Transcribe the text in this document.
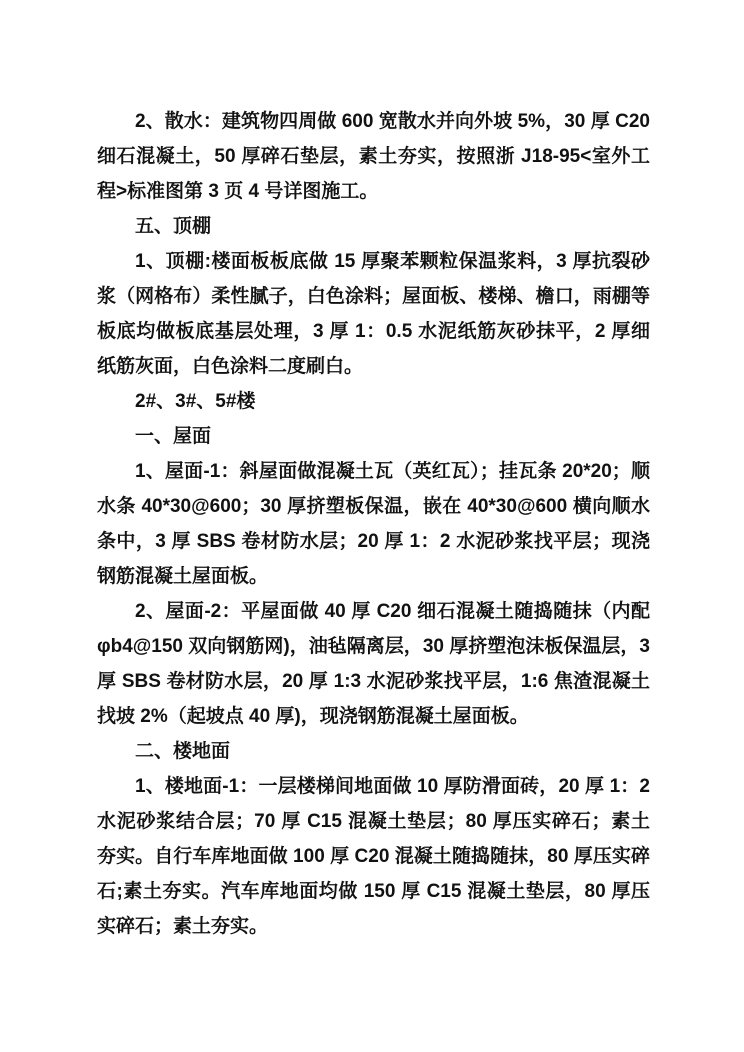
2、散水：建筑物四周做 600 宽散水并向外坡 5%，30 厚 C20 细石混凝土，50 厚碎石垫层，素土夯实，按照浙 J18-95<室外工程>标准图第 3 页 4 号详图施工。

五、顶棚

1、顶棚:楼面板板底做 15 厚聚苯颗粒保温浆料，3 厚抗裂砂浆（网格布）柔性腻子，白色涂料；屋面板、楼梯、檐口，雨棚等板底均做板底基层处理，3 厚 1：0.5 水泥纸筋灰砂抹平，2 厚细纸筋灰面，白色涂料二度刷白。

2#、3#、5#楼

一、屋面

1、屋面-1：斜屋面做混凝土瓦（英红瓦）；挂瓦条 20*20；顺水条 40*30@600；30 厚挤塑板保温，嵌在 40*30@600 横向顺水条中，3 厚 SBS 卷材防水层；20 厚 1：2 水泥砂浆找平层；现浇钢筋混凝土屋面板。

2、屋面-2：平屋面做 40 厚 C20 细石混凝土随捣随抹（内配φb4@150 双向钢筋网)，油毡隔离层，30 厚挤塑泡沫板保温层，3 厚 SBS 卷材防水层，20 厚 1:3 水泥砂浆找平层，1:6 焦渣混凝土找坡 2%（起坡点 40 厚)，现浇钢筋混凝土屋面板。

二、楼地面

1、楼地面-1：一层楼梯间地面做 10 厚防滑面砖，20 厚 1：2 水泥砂浆结合层；70 厚 C15 混凝土垫层；80 厚压实碎石；素土夯实。自行车库地面做 100 厚 C20 混凝土随捣随抹，80 厚压实碎石;素土夯实。汽车库地面均做 150 厚 C15 混凝土垫层，80 厚压实碎石；素土夯实。
